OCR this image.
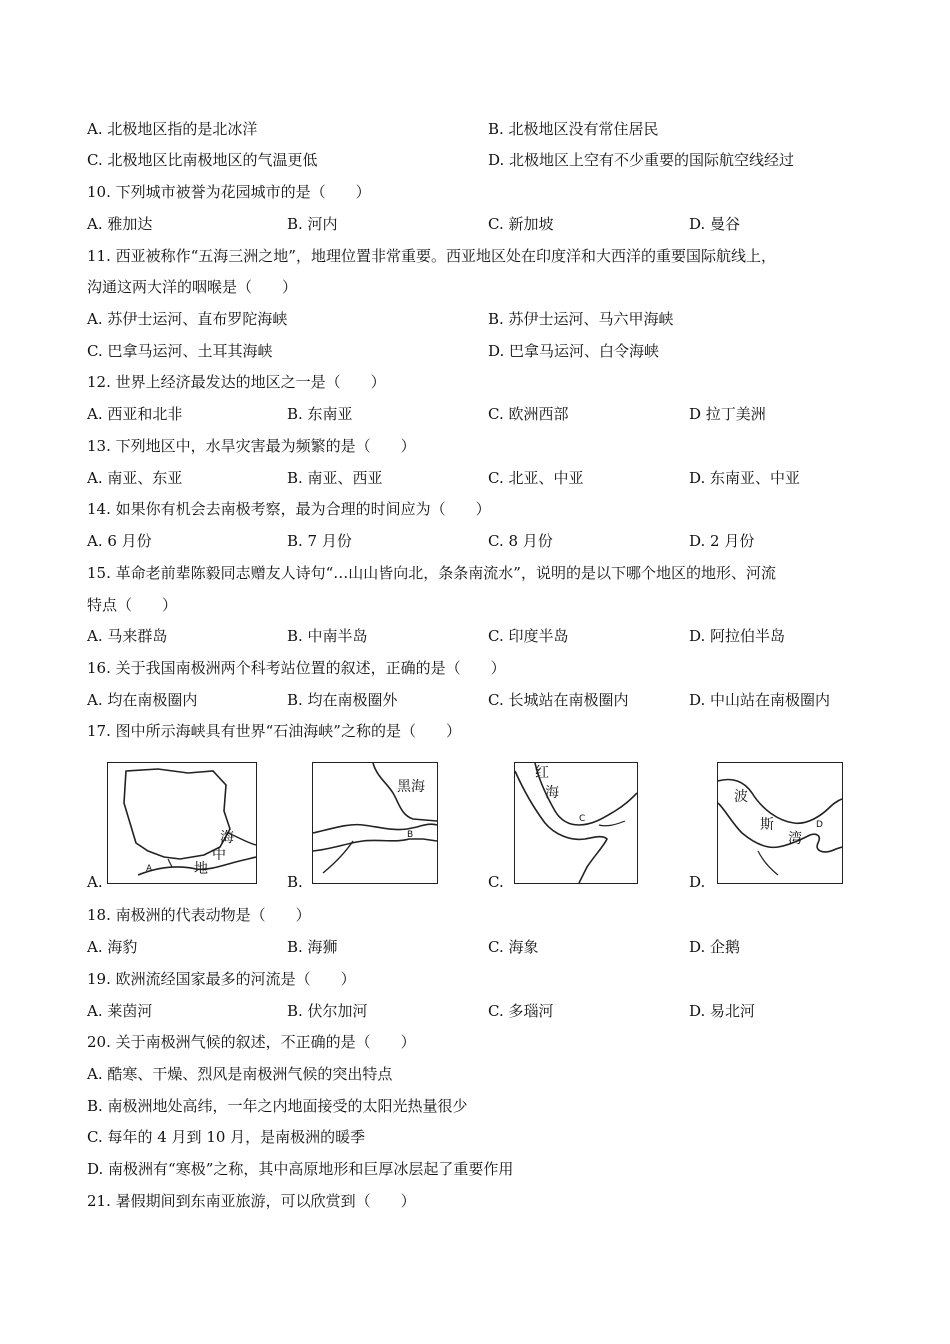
A. 北极地区指的是北冰洋	B. 北极地区没有常住居民
C. 北极地区比南极地区的气温更低	D. 北极地区上空有不少重要的国际航空线经过
10. 下列城市被誉为花园城市的是（　　）
A. 雅加达	B. 河内	C. 新加坡	D. 曼谷
11. 西亚被称作“五海三洲之地”，地理位置非常重要。西亚地区处在印度洋和大西洋的重要国际航线上，
沟通这两大洋的咽喉是（　　）
A. 苏伊士运河、直布罗陀海峡	B. 苏伊士运河、马六甲海峡
C. 巴拿马运河、土耳其海峡	D. 巴拿马运河、白令海峡
12. 世界上经济最发达的地区之一是（　　）
A. 西亚和北非	B. 东南亚	C. 欧洲西部	D 拉丁美洲
13. 下列地区中，水旱灾害最为频繁的是（　　）
A. 南亚、东亚	B. 南亚、西亚	C. 北亚、中亚	D. 东南亚、中亚
14. 如果你有机会去南极考察，最为合理的时间应为（　　）
A. 6 月份	B. 7 月份	C. 8 月份	D. 2 月份
15. 革命老前辈陈毅同志赠友人诗句“…山山皆向北，条条南流水”，说明的是以下哪个地区的地形、河流
特点（　　）
A. 马来群岛	B. 中南半岛	C. 印度半岛	D. 阿拉伯半岛
16. 关于我国南极洲两个科考站位置的叙述，正确的是（　　）
A. 均在南极圈内	B. 均在南极圈外	C. 长城站在南极圈内	D. 中山站在南极圈内
17. 图中所示海峡具有世界“石油海峡”之称的是（　　）
A.
海
中
地
A
B.
黑海
B
C.
红
海
C
D.
波
斯
湾
D
18. 南极洲的代表动物是（　　）
A. 海豹	B. 海狮	C. 海象	D. 企鹅
19. 欧洲流经国家最多的河流是（　　）
A. 莱茵河	B. 伏尔加河	C. 多瑙河	D. 易北河
20. 关于南极洲气候的叙述，不正确的是（　　）
A. 酷寒、干燥、烈风是南极洲气候的突出特点
B. 南极洲地处高纬，一年之内地面接受的太阳光热量很少
C. 每年的 4 月到 10 月，是南极洲的暖季
D. 南极洲有“寒极”之称，其中高原地形和巨厚冰层起了重要作用
21. 暑假期间到东南亚旅游，可以欣赏到（　　）
